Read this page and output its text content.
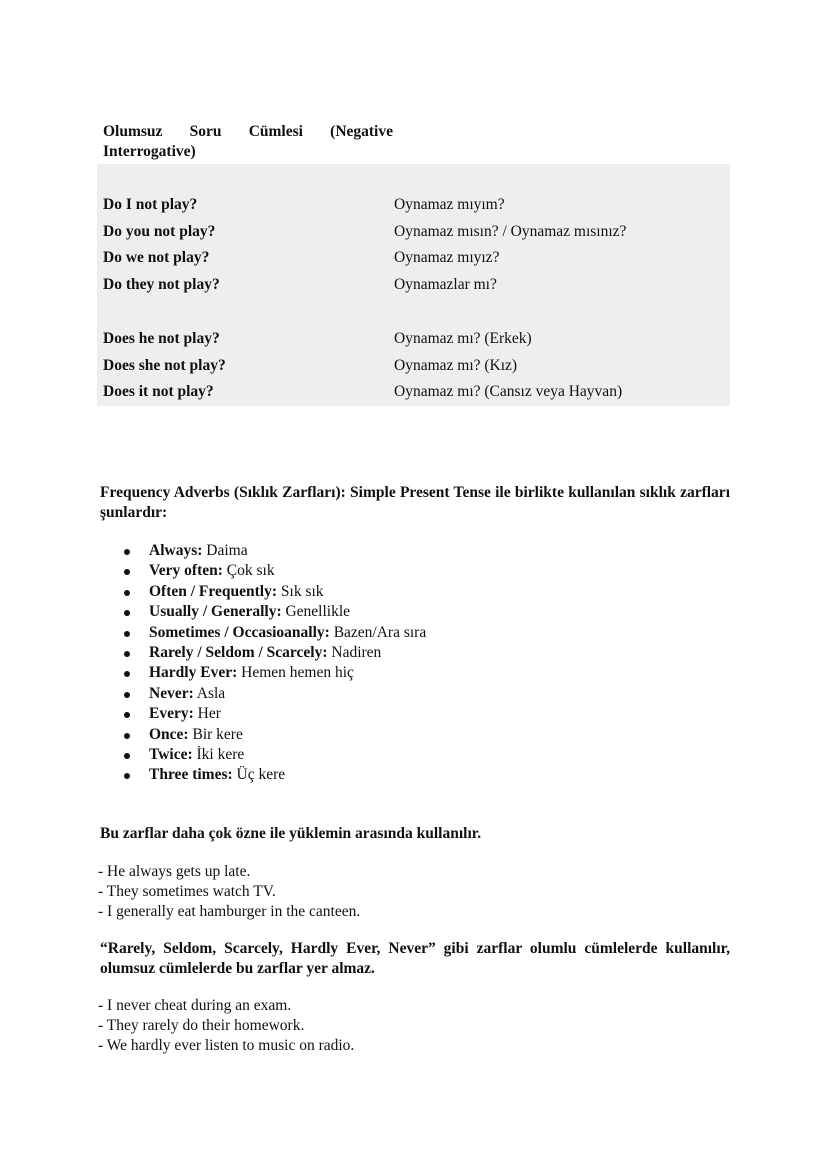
Olumsuz Soru Cümlesi (Negative Interrogative)
Do I not play?	Oynamaz mıyım?
Do you not play?	Oynamaz mısın? / Oynamaz mısınız?
Do we not play?	Oynamaz mıyız?
Do they not play?	Oynamazlar mı?
Does he not play?	Oynamaz mı? (Erkek)
Does she not play?	Oynamaz mı? (Kız)
Does it not play?	Oynamaz mı? (Cansız veya Hayvan)
Frequency Adverbs (Sıklık Zarfları): Simple Present Tense ile birlikte kullanılan sıklık zarfları şunlardır:
Always: Daima
Very often: Çok sık
Often / Frequently: Sık sık
Usually / Generally: Genellikle
Sometimes / Occasioanally: Bazen/Ara sıra
Rarely / Seldom / Scarcely: Nadiren
Hardly Ever: Hemen hemen hiç
Never: Asla
Every: Her
Once: Bir kere
Twice: İki kere
Three times: Üç kere
Bu zarflar daha çok özne ile yüklemin arasında kullanılır.
- He always gets up late.
- They sometimes watch TV.
- I generally eat hamburger in the canteen.
“Rarely, Seldom, Scarcely, Hardly Ever, Never” gibi zarflar olumlu cümlelerde kullanılır, olumsuz cümlelerde bu zarflar yer almaz.
- I never cheat during an exam.
- They rarely do their homework.
- We hardly ever listen to music on radio.
